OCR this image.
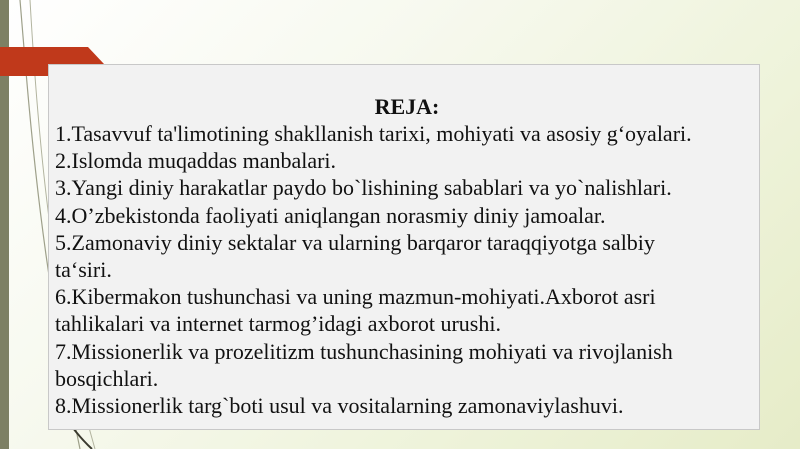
REJA:
1.Tasavvuf ta'limotining shakllanish tarixi, mohiyati va asosiy g‘oyalari.
2.Islomda muqaddas manbalari.
3.Yangi diniy harakatlar paydo bo`lishining sabablari va yo`nalishlari.
4.O’zbekistonda faoliyati aniqlangan norasmiy diniy jamoalar.
5.Zamonaviy diniy sektalar va ularning barqaror taraqqiyotga salbiy ta‘siri.
6.Kibermakon tushunchasi va uning mazmun-mohiyati.Axborot asri tahlikalari va internet tarmog’idagi axborot urushi.
7.Missionerlik va prozelitizm tushunchasining mohiyati va rivojlanish bosqichlari.
8.Missionerlik targ`boti usul va vositalarning zamonaviylashuvi.
